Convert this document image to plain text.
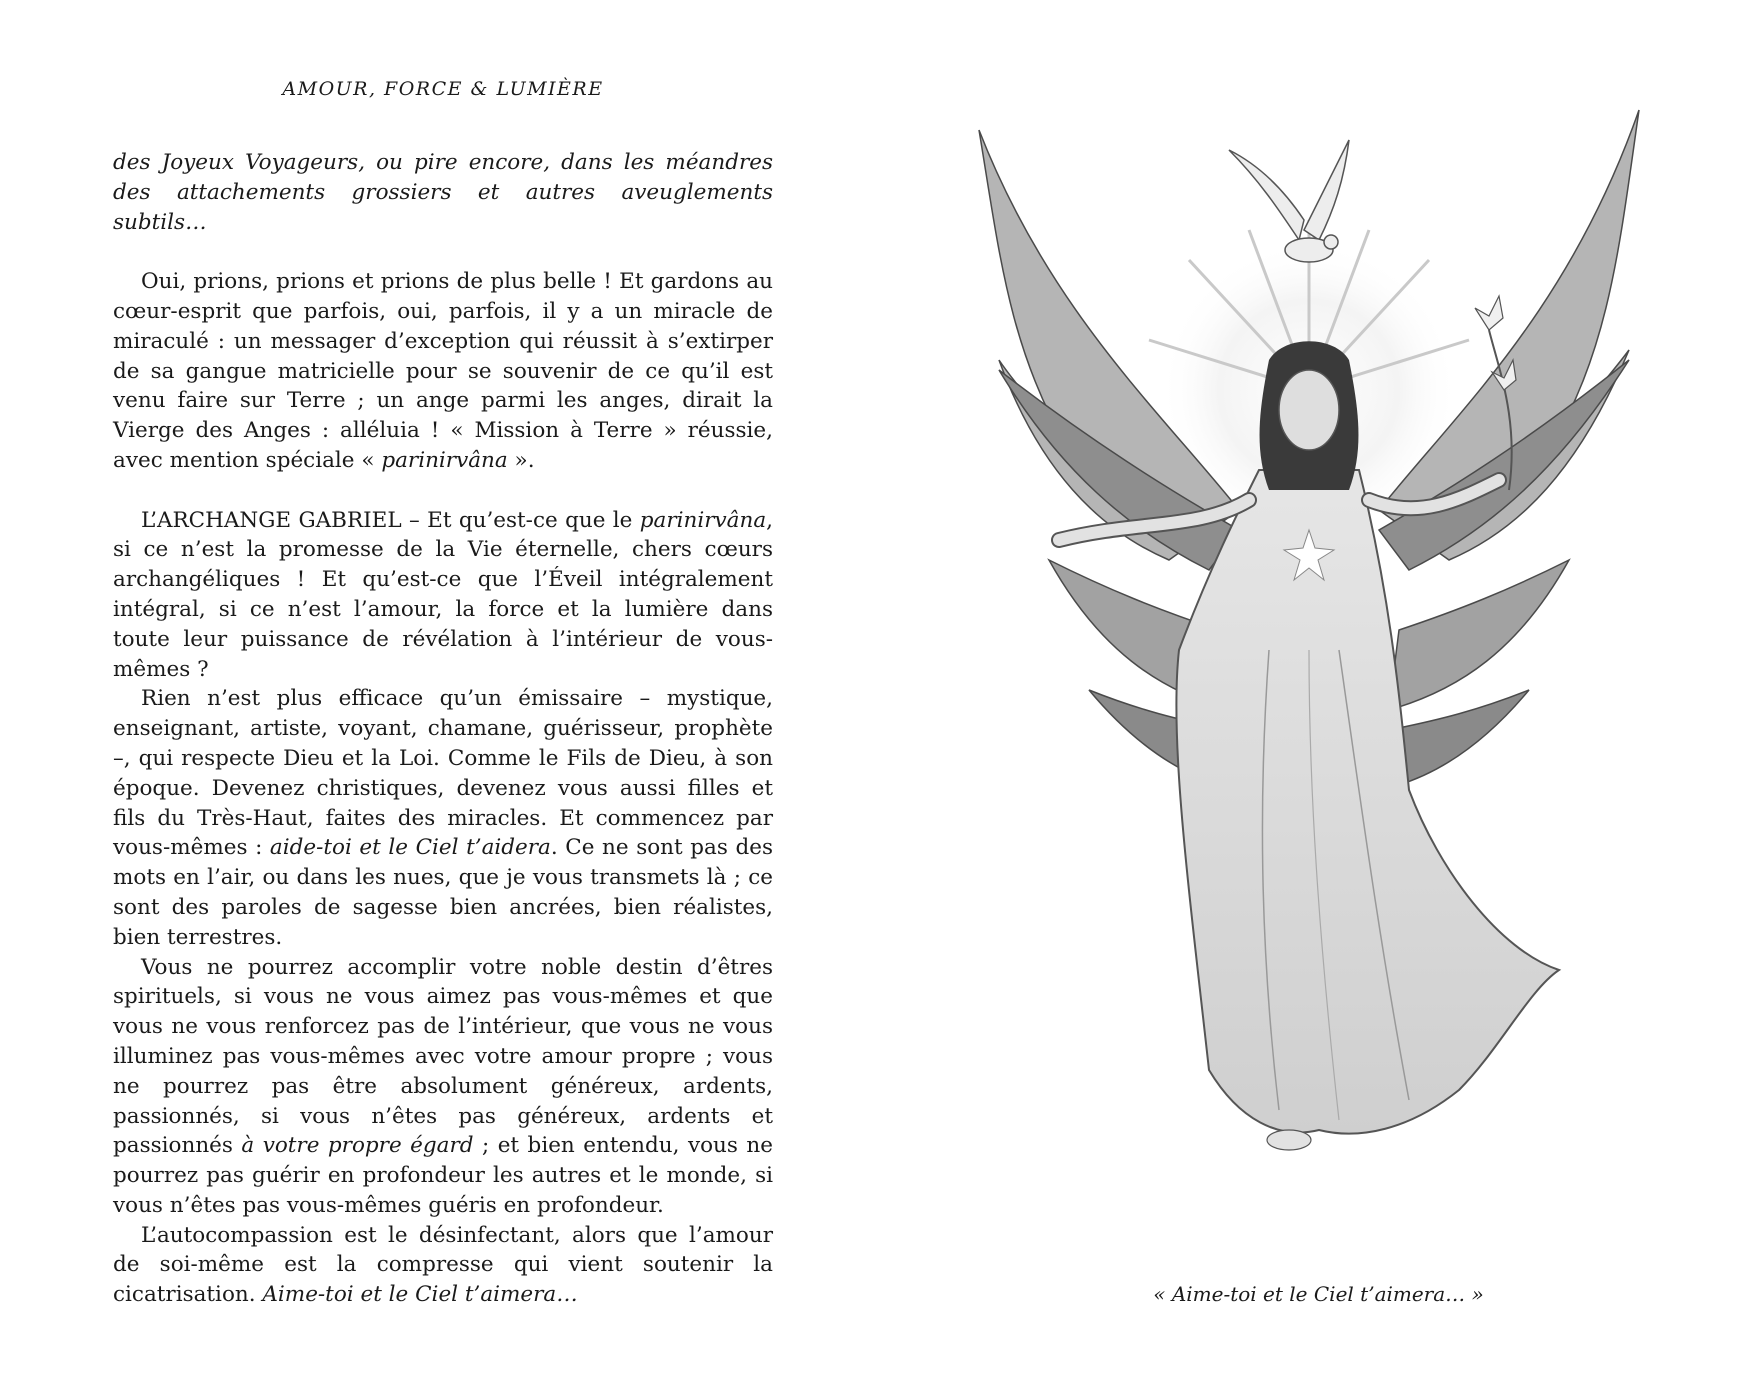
AMOUR, FORCE & LUMIÈRE

des Joyeux Voyageurs, ou pire encore, dans les méandres des attachements grossiers et autres aveuglements subtils…

Oui, prions, prions et prions de plus belle ! Et gardons au cœur-esprit que parfois, oui, parfois, il y a un miracle de miraculé : un messager d’exception qui réussit à s’extirper de sa gangue matricielle pour se souvenir de ce qu’il est venu faire sur Terre ; un ange parmi les anges, dirait la Vierge des Anges : alléluia ! « Mission à Terre » réussie, avec mention spéciale « parinirvâna ».

L’ARCHANGE GABRIEL – Et qu’est-ce que le parinirvâna, si ce n’est la promesse de la Vie éternelle, chers cœurs archangéliques ! Et qu’est-ce que l’Éveil intégralement intégral, si ce n’est l’amour, la force et la lumière dans toute leur puissance de révélation à l’intérieur de vous-mêmes ?

Rien n’est plus efficace qu’un émissaire – mystique, enseignant, artiste, voyant, chamane, guérisseur, prophète –, qui respecte Dieu et la Loi. Comme le Fils de Dieu, à son époque. Devenez christiques, devenez vous aussi filles et fils du Très-Haut, faites des miracles. Et commencez par vous-mêmes : aide-toi et le Ciel t’aidera. Ce ne sont pas des mots en l’air, ou dans les nues, que je vous transmets là ; ce sont des paroles de sagesse bien ancrées, bien réalistes, bien terrestres.

Vous ne pourrez accomplir votre noble destin d’êtres spirituels, si vous ne vous aimez pas vous-mêmes et que vous ne vous renforcez pas de l’intérieur, que vous ne vous illuminez pas vous-mêmes avec votre amour propre ; vous ne pourrez pas être absolument généreux, ardents, passionnés, si vous n’êtes pas généreux, ardents et passionnés à votre propre égard ; et bien entendu, vous ne pourrez pas guérir en profondeur les autres et le monde, si vous n’êtes pas vous-mêmes guéris en profondeur.

L’autocompassion est le désinfectant, alors que l’amour de soi-même est la compresse qui vient soutenir la cicatrisation. Aime-toi et le Ciel t’aimera…	« Aime-toi et le Ciel t’aimera… »
